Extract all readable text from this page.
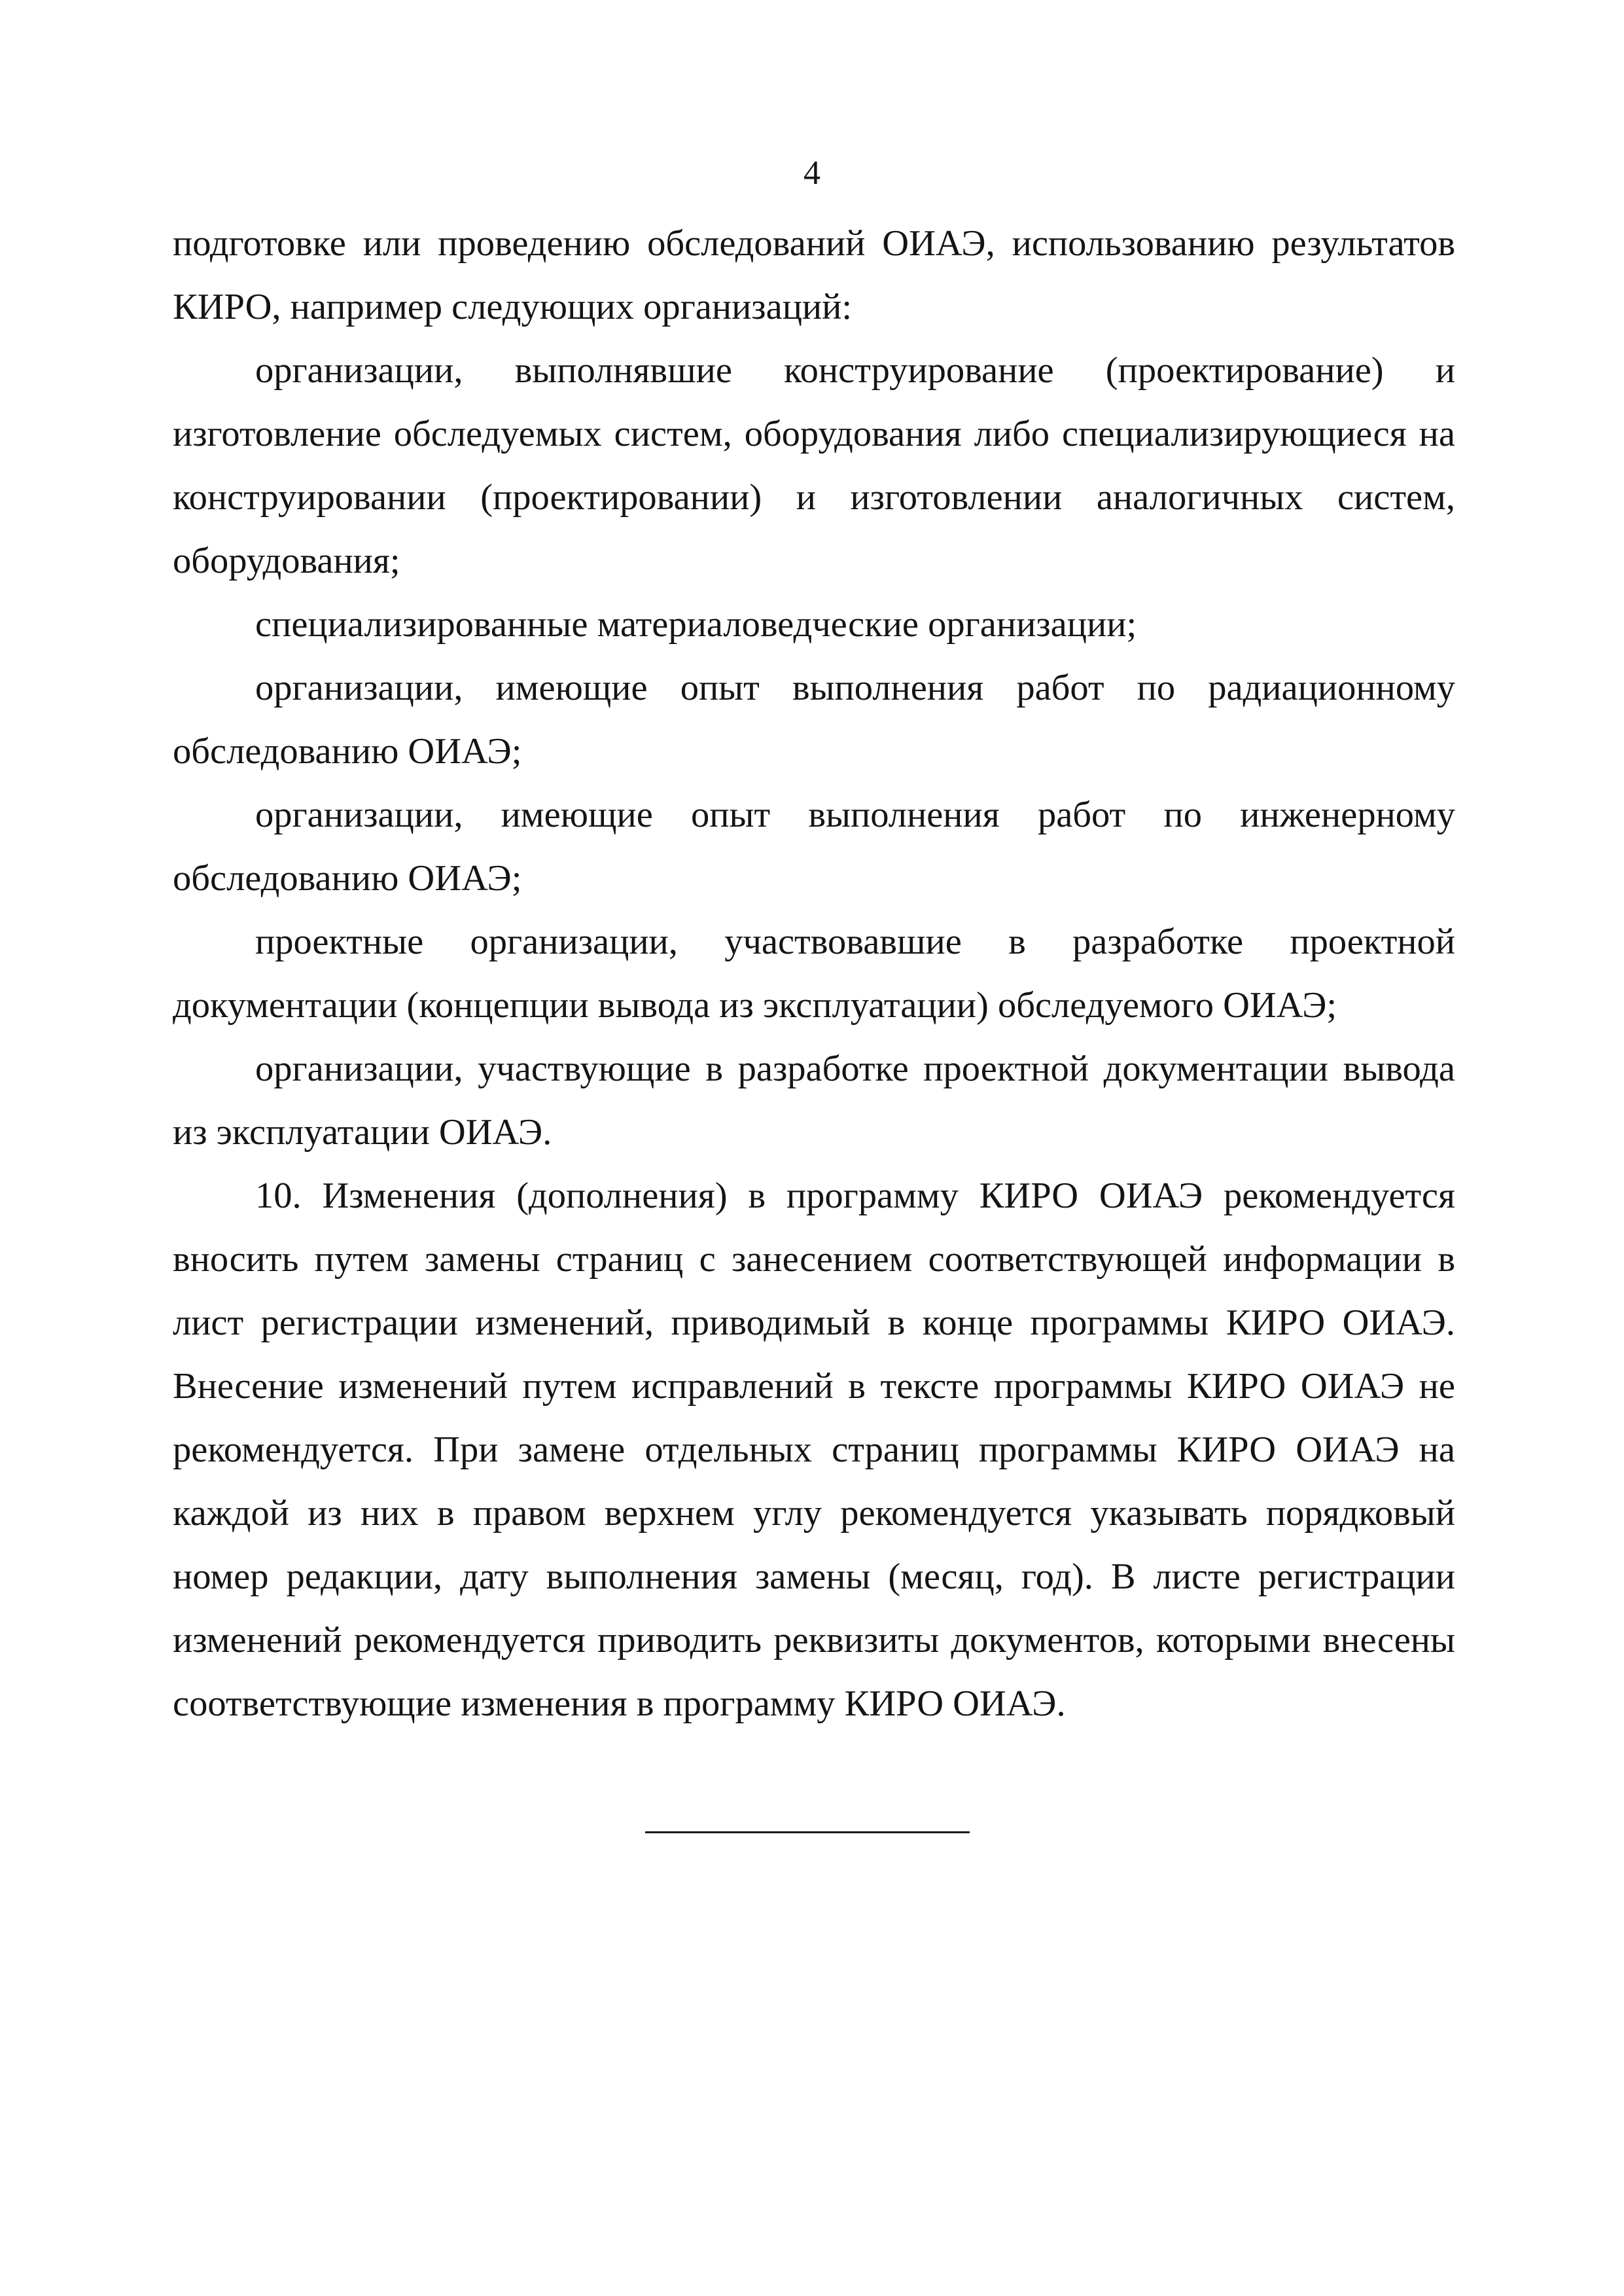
4

подготовке или проведению обследований ОИАЭ, использованию результатов КИРО, например следующих организаций:

организации, выполнявшие конструирование (проектирование) и изготовление обследуемых систем, оборудования либо специализирующиеся на конструировании (проектировании) и изготовлении аналогичных систем, оборудования;

специализированные материаловедческие организации;

организации, имеющие опыт выполнения работ по радиационному обследованию ОИАЭ;

организации, имеющие опыт выполнения работ по инженерному обследованию ОИАЭ;

проектные организации, участвовавшие в разработке проектной документации (концепции вывода из эксплуатации) обследуемого ОИАЭ;

организации, участвующие в разработке проектной документации вывода из эксплуатации ОИАЭ.

10. Изменения (дополнения) в программу КИРО ОИАЭ рекомендуется вносить путем замены страниц с занесением соответствующей информации в лист регистрации изменений, приводимый в конце программы КИРО ОИАЭ. Внесение изменений путем исправлений в тексте программы КИРО ОИАЭ не рекомендуется. При замене отдельных страниц программы КИРО ОИАЭ на каждой из них в правом верхнем углу рекомендуется указывать порядковый номер редакции, дату выполнения замены (месяц, год). В листе регистрации изменений рекомендуется приводить реквизиты документов, которыми внесены соответствующие изменения в программу КИРО ОИАЭ.
